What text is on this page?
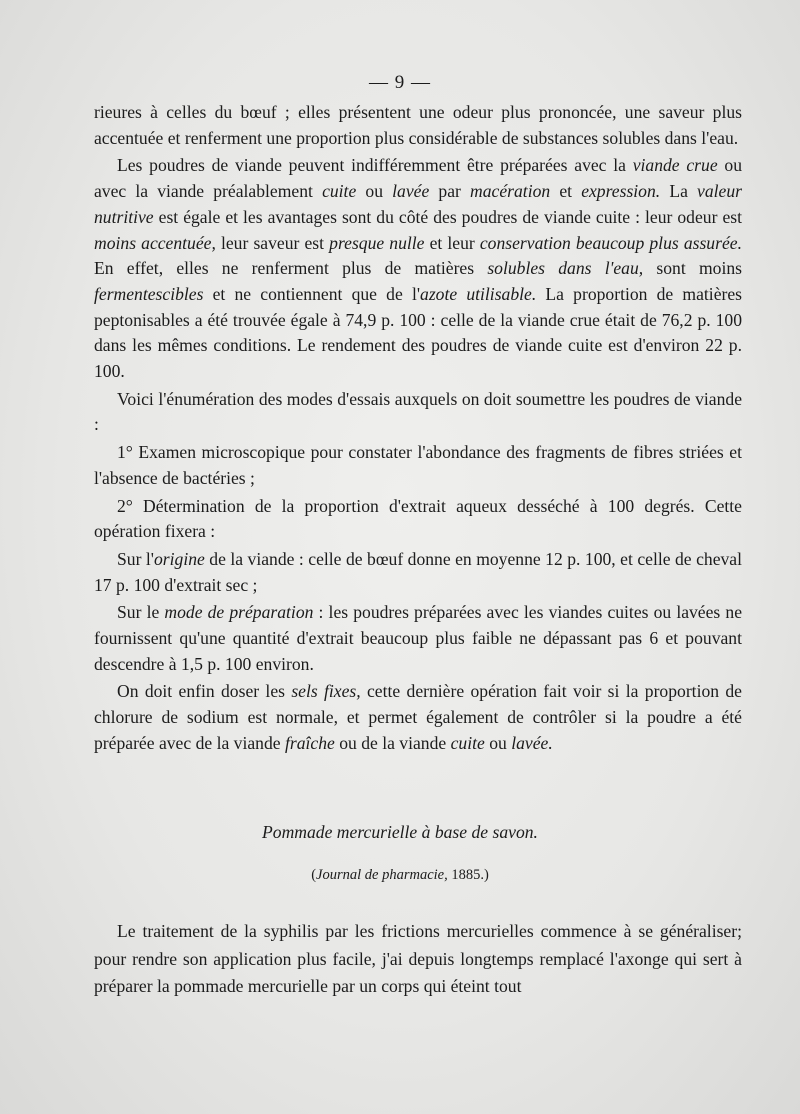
— 9 —

rieures à celles du bœuf ; elles présentent une odeur plus prononcée, une saveur plus accentuée et renferment une proportion plus considérable de substances solubles dans l'eau.

Les poudres de viande peuvent indifféremment être préparées avec la viande crue ou avec la viande préalablement cuite ou lavée par macération et expression. La valeur nutritive est égale et les avantages sont du côté des poudres de viande cuite : leur odeur est moins accentuée, leur saveur est presque nulle et leur conservation beaucoup plus assurée. En effet, elles ne renferment plus de matières solubles dans l'eau, sont moins fermentescibles et ne contiennent que de l'azote utilisable. La proportion de matières peptonisables a été trouvée égale à 74,9 p. 100 : celle de la viande crue était de 76,2 p. 100 dans les mêmes conditions. Le rendement des poudres de viande cuite est d'environ 22 p. 100.

Voici l'énumération des modes d'essais auxquels on doit soumettre les poudres de viande :

1° Examen microscopique pour constater l'abondance des fragments de fibres striées et l'absence de bactéries ;

2° Détermination de la proportion d'extrait aqueux desséché à 100 degrés. Cette opération fixera :

Sur l'origine de la viande : celle de bœuf donne en moyenne 12 p. 100, et celle de cheval 17 p. 100 d'extrait sec ;

Sur le mode de préparation : les poudres préparées avec les viandes cuites ou lavées ne fournissent qu'une quantité d'extrait beaucoup plus faible ne dépassant pas 6 et pouvant descendre à 1,5 p. 100 environ.

On doit enfin doser les sels fixes, cette dernière opération fait voir si la proportion de chlorure de sodium est normale, et permet également de contrôler si la poudre a été préparée avec de la viande fraîche ou de la viande cuite ou lavée.

Pommade mercurielle à base de savon.
(Journal de pharmacie, 1885.)

Le traitement de la syphilis par les frictions mercurielles commence à se généraliser; pour rendre son application plus facile, j'ai depuis longtemps remplacé l'axonge qui sert à préparer la pommade mercurielle par un corps qui éteint tout
